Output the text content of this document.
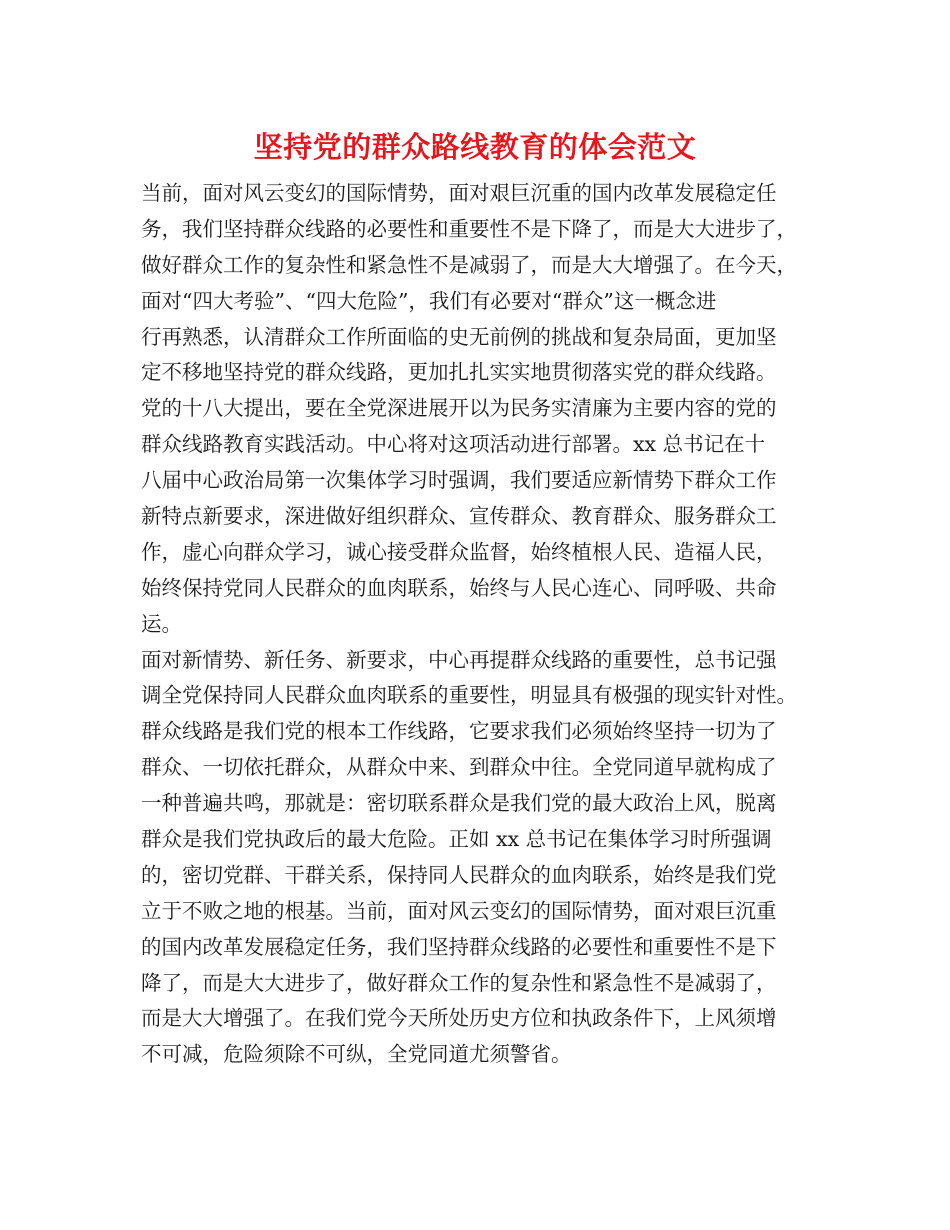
坚持党的群众路线教育的体会范文
当前，面对风云变幻的国际情势，面对艰巨沉重的国内改革发展稳定任
务，我们坚持群众线路的必要性和重要性不是下降了，而是大大进步了，
做好群众工作的复杂性和紧急性不是减弱了，而是大大增强了。在今天，
面对“四大考验”、“四大危险”，我们有必要对“群众”这一概念进
行再熟悉，认清群众工作所面临的史无前例的挑战和复杂局面，更加坚
定不移地坚持党的群众线路，更加扎扎实实地贯彻落实党的群众线路。
党的十八大提出，要在全党深进展开以为民务实清廉为主要内容的党的
群众线路教育实践活动。中心将对这项活动进行部署。xx 总书记在十
八届中心政治局第一次集体学习时强调，我们要适应新情势下群众工作
新特点新要求，深进做好组织群众、宣传群众、教育群众、服务群众工
作，虚心向群众学习，诚心接受群众监督，始终植根人民、造福人民，
始终保持党同人民群众的血肉联系，始终与人民心连心、同呼吸、共命
运。
面对新情势、新任务、新要求，中心再提群众线路的重要性，总书记强
调全党保持同人民群众血肉联系的重要性，明显具有极强的现实针对性。
群众线路是我们党的根本工作线路，它要求我们必须始终坚持一切为了
群众、一切依托群众，从群众中来、到群众中往。全党同道早就构成了
一种普遍共鸣，那就是：密切联系群众是我们党的最大政治上风，脱离
群众是我们党执政后的最大危险。正如 xx 总书记在集体学习时所强调
的，密切党群、干群关系，保持同人民群众的血肉联系，始终是我们党
立于不败之地的根基。当前，面对风云变幻的国际情势，面对艰巨沉重
的国内改革发展稳定任务，我们坚持群众线路的必要性和重要性不是下
降了，而是大大进步了，做好群众工作的复杂性和紧急性不是减弱了，
而是大大增强了。在我们党今天所处历史方位和执政条件下，上风须增
不可减，危险须除不可纵，全党同道尤须警省。
